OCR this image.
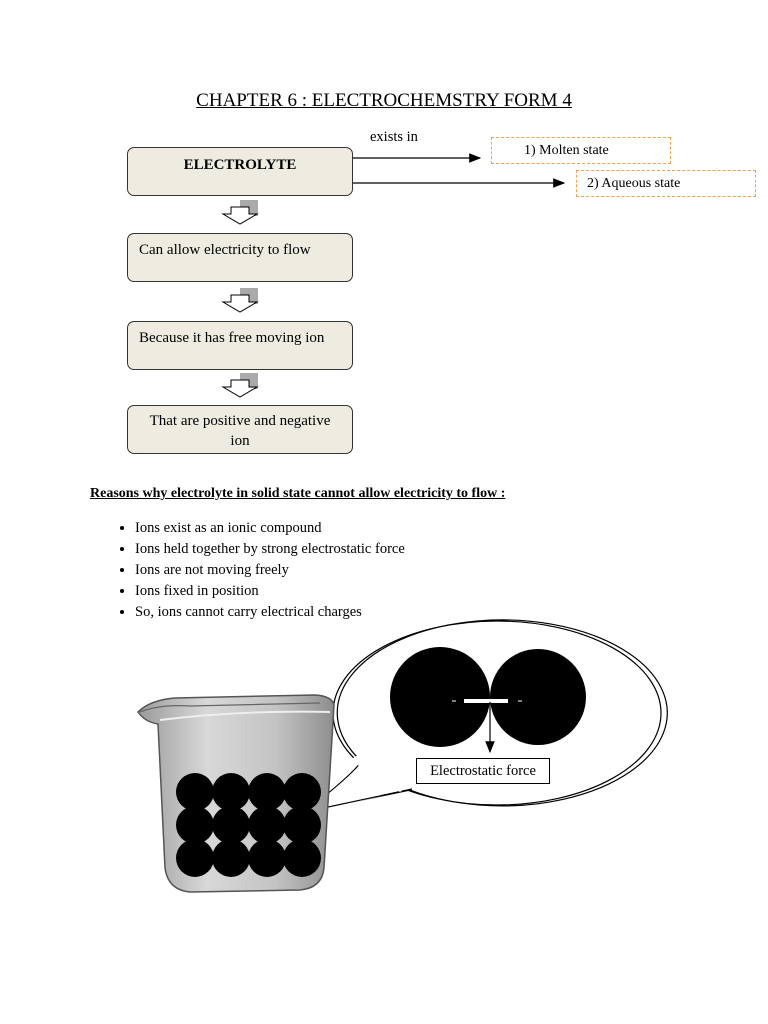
CHAPTER 6 : ELECTROCHEMSTRY FORM 4
ELECTROLYTE
exists in
1) Molten state
2) Aqueous state
Can allow electricity to flow
Because it has free moving ion
That are positive and negative ion
Reasons why electrolyte in solid state cannot allow electricity to flow :
• Ions exist as an ionic compound
• Ions held together by strong electrostatic force
• Ions are not moving freely
• Ions fixed in position
• So, ions cannot carry electrical charges
Electrostatic force
